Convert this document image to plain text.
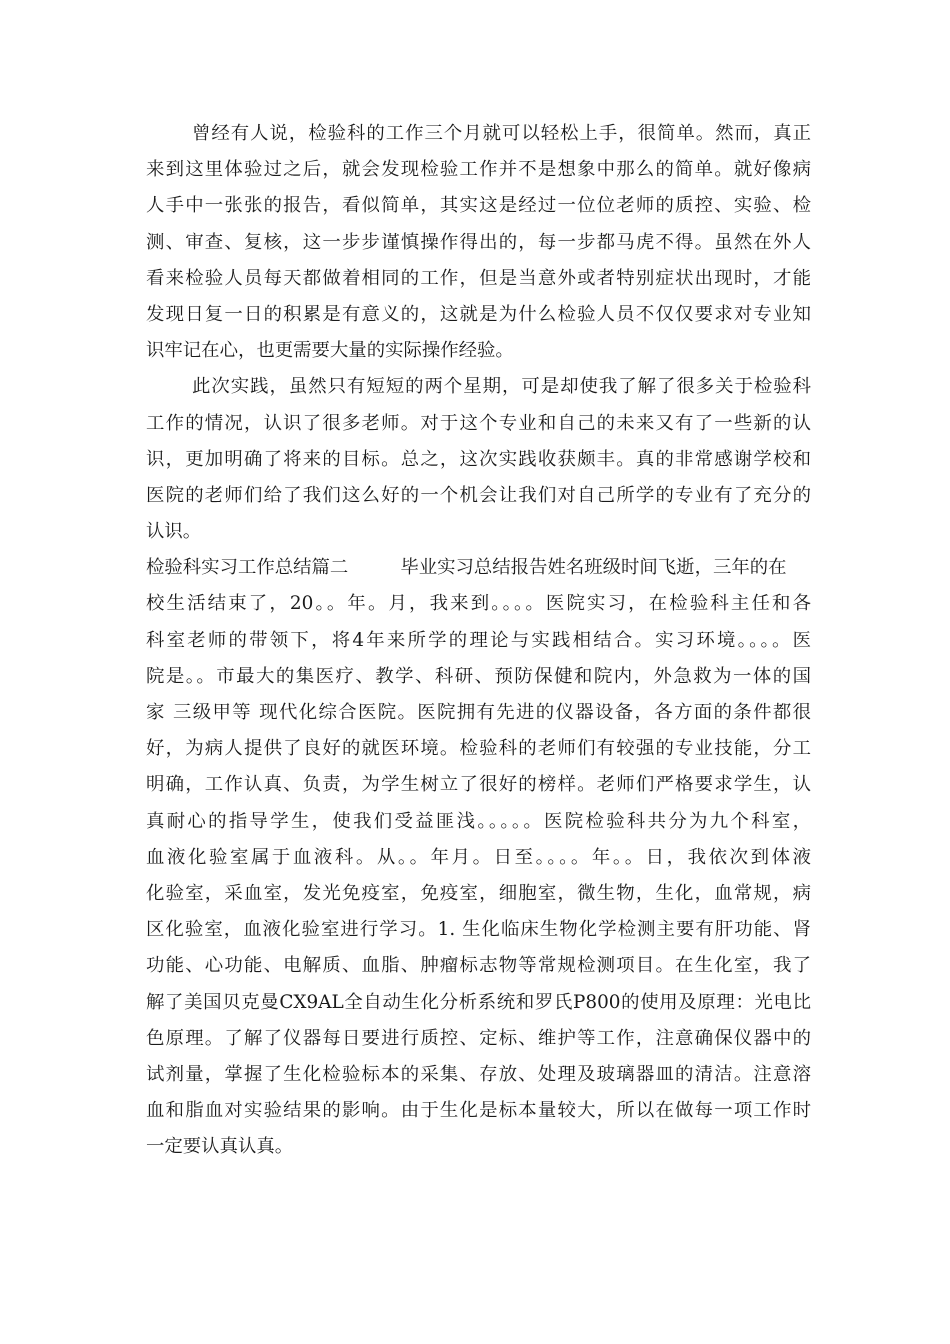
曾经有人说，检验科的工作三个月就可以轻松上手，很简单。然而，真正
来到这里体验过之后，就会发现检验工作并不是想象中那么的简单。就好像病
人手中一张张的报告，看似简单，其实这是经过一位位老师的质控、实验、检
测、审查、复核，这一步步谨慎操作得出的，每一步都马虎不得。虽然在外人
看来检验人员每天都做着相同的工作，但是当意外或者特别症状出现时，才能
发现日复一日的积累是有意义的，这就是为什么检验人员不仅仅要求对专业知
识牢记在心，也更需要大量的实际操作经验。
此次实践，虽然只有短短的两个星期，可是却使我了解了很多关于检验科
工作的情况，认识了很多老师。对于这个专业和自己的未来又有了一些新的认
识，更加明确了将来的目标。总之，这次实践收获颇丰。真的非常感谢学校和
医院的老师们给了我们这么好的一个机会让我们对自己所学的专业有了充分的
认识。
检验科实习工作总结篇二	毕业实习总结报告姓名班级时间飞逝，三年的在
校生活结束了，20。。年。月，我来到。。。。医院实习，在检验科主任和各
科室老师的带领下，将4年来所学的理论与实践相结合。实习环境。。。。医
院是。。市最大的集医疗、教学、科研、预防保健和院内，外急救为一体的国
家 三级甲等 现代化综合医院。医院拥有先进的仪器设备，各方面的条件都很
好，为病人提供了良好的就医环境。检验科的老师们有较强的专业技能，分工
明确，工作认真、负责，为学生树立了很好的榜样。老师们严格要求学生，认
真耐心的指导学生，使我们受益匪浅。。。。。医院检验科共分为九个科室，
血液化验室属于血液科。从。。年月。日至。。。。年。。日，我依次到体液
化验室，采血室，发光免疫室，免疫室，细胞室，微生物，生化，血常规，病
区化验室，血液化验室进行学习。1. 生化临床生物化学检测主要有肝功能、肾
功能、心功能、电解质、血脂、肿瘤标志物等常规检测项目。在生化室，我了
解了美国贝克曼CX9AL全自动生化分析系统和罗氏P800的使用及原理：光电比
色原理。了解了仪器每日要进行质控、定标、维护等工作，注意确保仪器中的
试剂量，掌握了生化检验标本的采集、存放、处理及玻璃器皿的清洁。注意溶
血和脂血对实验结果的影响。由于生化是标本量较大，所以在做每一项工作时
一定要认真认真。
